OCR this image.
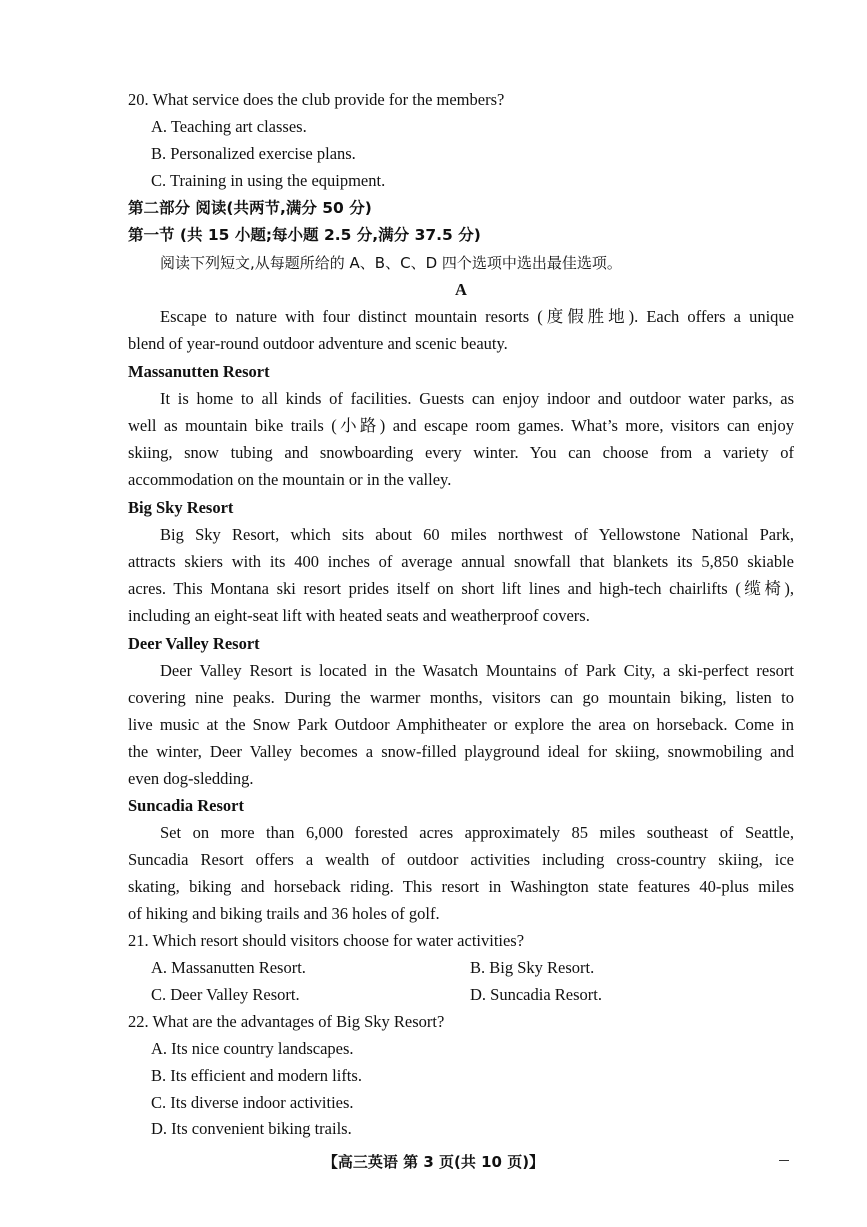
20. What service does the club provide for the members?
A. Teaching art classes.
B. Personalized exercise plans.
C. Training in using the equipment.
第二部分 阅读(共两节,满分 50 分)
第一节 (共 15 小题;每小题 2.5 分,满分 37.5 分)
阅读下列短文,从每题所给的 A、B、C、D 四个选项中选出最佳选项。
A
Escape to nature with four distinct mountain resorts (度假胜地). Each offers a unique
blend of year-round outdoor adventure and scenic beauty.
Massanutten Resort
It is home to all kinds of facilities. Guests can enjoy indoor and outdoor water parks, as
well as mountain bike trails (小路) and escape room games. What’s more, visitors can enjoy
skiing, snow tubing and snowboarding every winter. You can choose from a variety of
accommodation on the mountain or in the valley.
Big Sky Resort
Big Sky Resort, which sits about 60 miles northwest of Yellowstone National Park,
attracts skiers with its 400 inches of average annual snowfall that blankets its 5,850 skiable
acres. This Montana ski resort prides itself on short lift lines and high-tech chairlifts (缆椅),
including an eight-seat lift with heated seats and weatherproof covers.
Deer Valley Resort
Deer Valley Resort is located in the Wasatch Mountains of Park City, a ski-perfect resort
covering nine peaks. During the warmer months, visitors can go mountain biking, listen to
live music at the Snow Park Outdoor Amphitheater or explore the area on horseback. Come in
the winter, Deer Valley becomes a snow-filled playground ideal for skiing, snowmobiling and
even dog-sledding.
Suncadia Resort
Set on more than 6,000 forested acres approximately 85 miles southeast of Seattle,
Suncadia Resort offers a wealth of outdoor activities including cross-country skiing, ice
skating, biking and horseback riding. This resort in Washington state features 40-plus miles
of hiking and biking trails and 36 holes of golf.
21. Which resort should visitors choose for water activities?
A. Massanutten Resort.	B. Big Sky Resort.
C. Deer Valley Resort.	D. Suncadia Resort.
22. What are the advantages of Big Sky Resort?
A. Its nice country landscapes.
B. Its efficient and modern lifts.
C. Its diverse indoor activities.
D. Its convenient biking trails.
【高三英语 第 3 页(共 10 页)】
